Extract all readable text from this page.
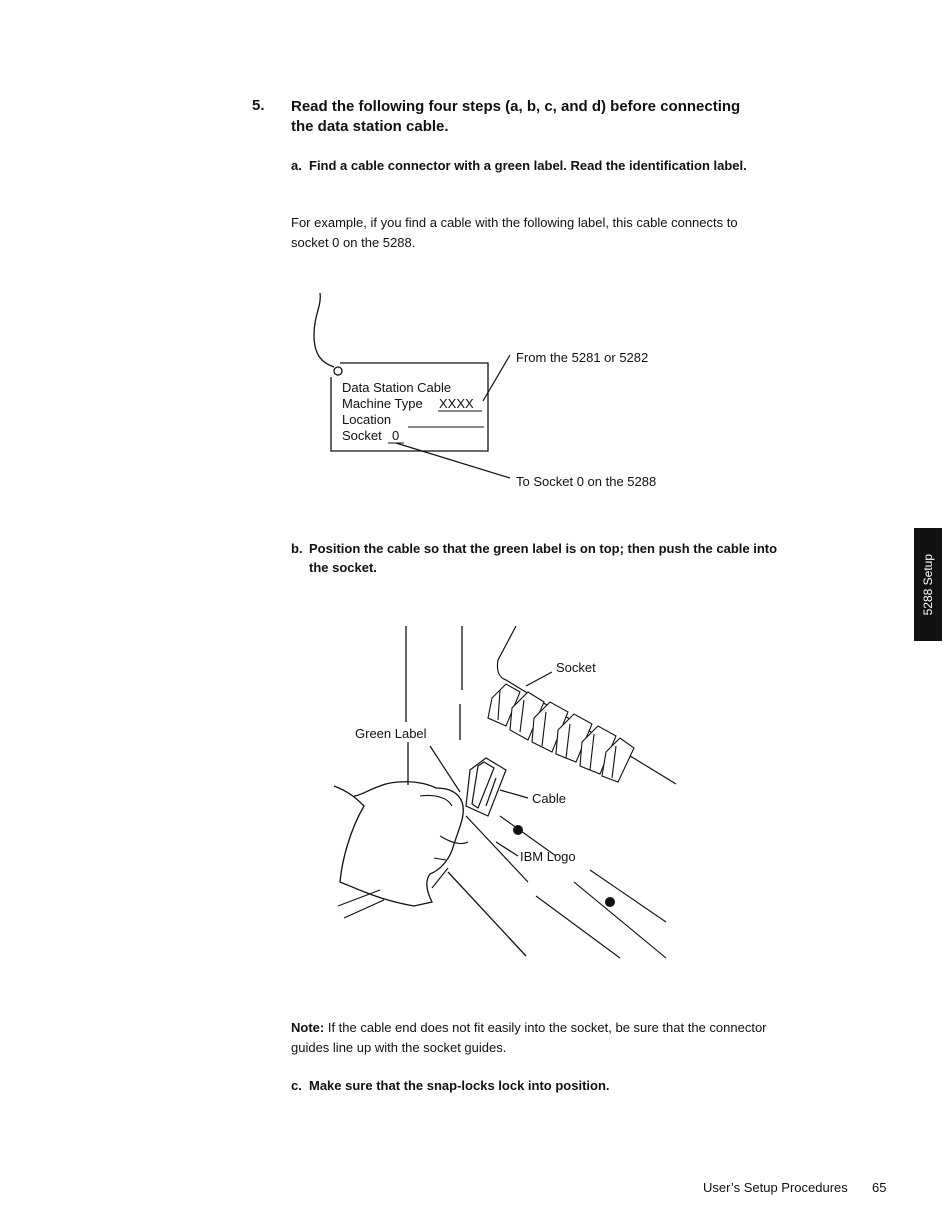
5. Read the following four steps (a, b, c, and d) before connecting the data station cable.
a. Find a cable connector with a green label. Read the identification label.
For example, if you find a cable with the following label, this cable connects to socket 0 on the 5288.
Data Station Cable
Machine Type XXXX
Location
Socket 0
From the 5281 or 5282
To Socket 0 on the 5288
b. Position the cable so that the green label is on top; then push the cable into the socket.
Socket
Green Label
Cable
IBM Logo
Note: If the cable end does not fit easily into the socket, be sure that the connector guides line up with the socket guides.
c. Make sure that the snap-locks lock into position.
5288 Setup
User’s Setup Procedures 65
